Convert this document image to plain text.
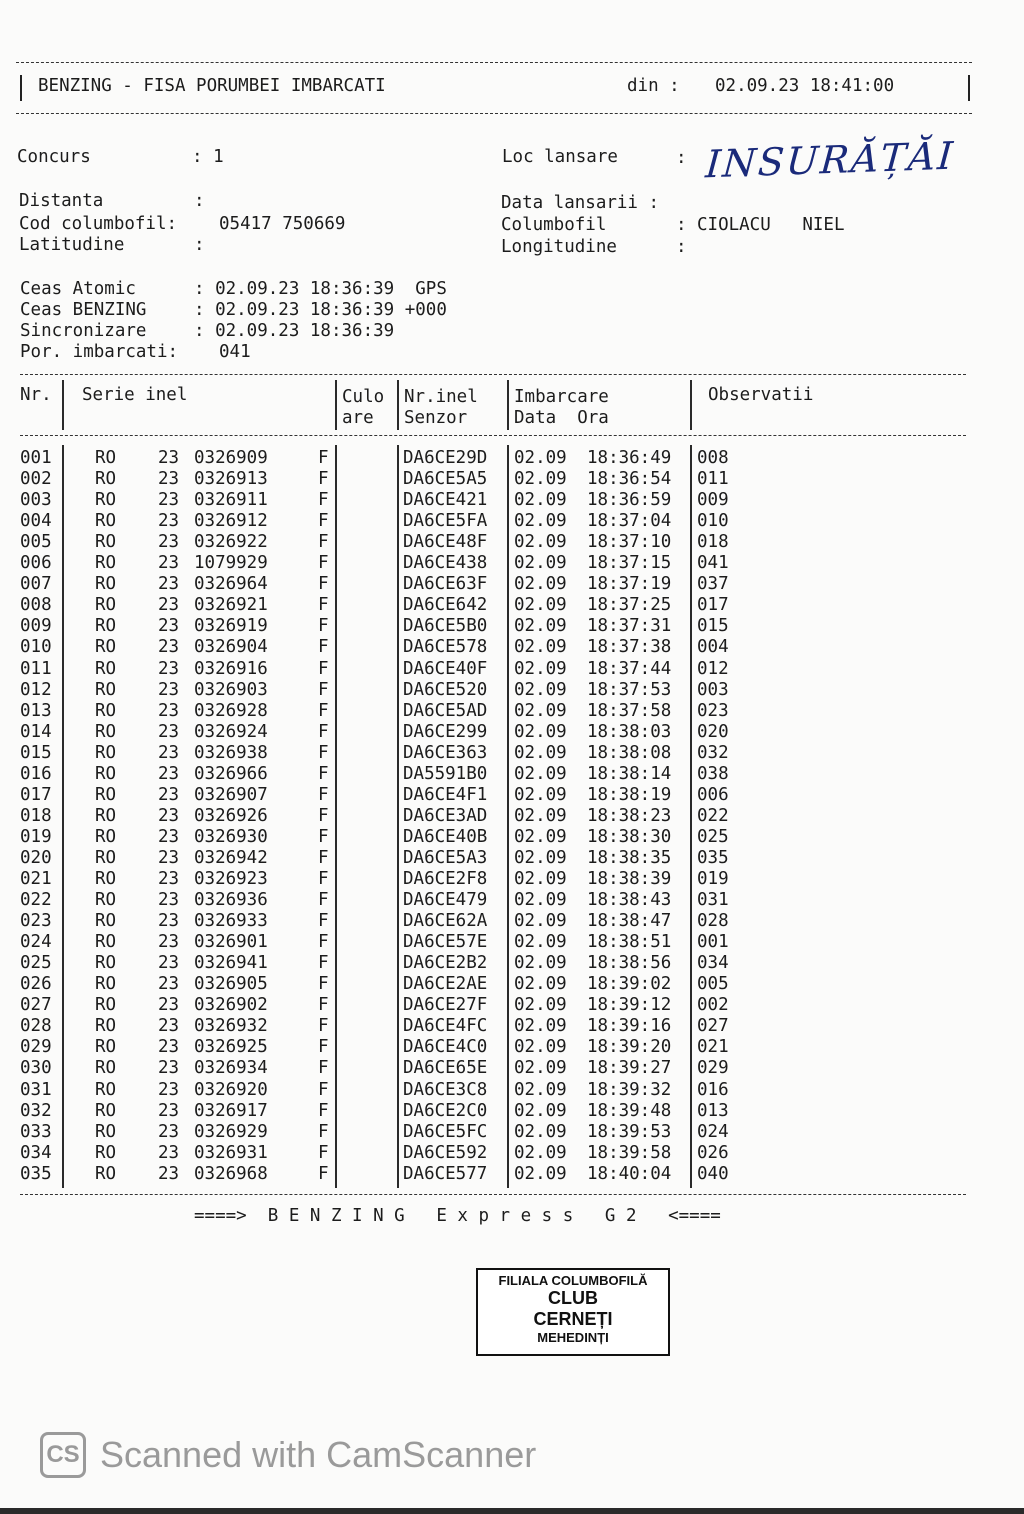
BENZING - FISA PORUMBEI IMBARCATI	din : 02.09.23 18:41:00
Concurs	: 1	Loc lansare	: INSURĂȚĂI
Distanta	:	Data lansarii :
Cod columbofil: 05417 750669	Columbofil	: CIOLACU   NIEL
Latitudine	:	Longitudine	:
Ceas Atomic	: 02.09.23 18:36:39  GPS
Ceas BENZING	: 02.09.23 18:36:39 +000
Sincronizare	: 02.09.23 18:36:39
Por. imbarcati: 041
Nr. Serie inel	Culo
are
Nr.inel
Senzor
Imbarcare
Data  Ora
Observatii
001 RO 23 0326909	F	DA6CE29D 02.09 18:36:49 008
002 RO 23 0326913	F	DA6CE5A5 02.09 18:36:54 011
003 RO 23 0326911	F	DA6CE421 02.09 18:36:59 009
004 RO 23 0326912	F	DA6CE5FA 02.09 18:37:04 010
005 RO 23 0326922	F	DA6CE48F 02.09 18:37:10 018
006 RO 23 1079929	F	DA6CE438 02.09 18:37:15 041
007 RO 23 0326964	F	DA6CE63F 02.09 18:37:19 037
008 RO 23 0326921	F	DA6CE642 02.09 18:37:25 017
009 RO 23 0326919	F	DA6CE5B0 02.09 18:37:31 015
010 RO 23 0326904	F	DA6CE578 02.09 18:37:38 004
011 RO 23 0326916	F	DA6CE40F 02.09 18:37:44 012
012 RO 23 0326903	F	DA6CE520 02.09 18:37:53 003
013 RO 23 0326928	F	DA6CE5AD 02.09 18:37:58 023
014 RO 23 0326924	F	DA6CE299 02.09 18:38:03 020
015 RO 23 0326938	F	DA6CE363 02.09 18:38:08 032
016 RO 23 0326966	F	DA5591B0 02.09 18:38:14 038
017 RO 23 0326907	F	DA6CE4F1 02.09 18:38:19 006
018 RO 23 0326926	F	DA6CE3AD 02.09 18:38:23 022
019 RO 23 0326930	F	DA6CE40B 02.09 18:38:30 025
020 RO 23 0326942	F	DA6CE5A3 02.09 18:38:35 035
021 RO 23 0326923	F	DA6CE2F8 02.09 18:38:39 019
022 RO 23 0326936	F	DA6CE479 02.09 18:38:43 031
023 RO 23 0326933	F	DA6CE62A 02.09 18:38:47 028
024 RO 23 0326901	F	DA6CE57E 02.09 18:38:51 001
025 RO 23 0326941	F	DA6CE2B2 02.09 18:38:56 034
026 RO 23 0326905	F	DA6CE2AE 02.09 18:39:02 005
027 RO 23 0326902	F	DA6CE27F 02.09 18:39:12 002
028 RO 23 0326932	F	DA6CE4FC 02.09 18:39:16 027
029 RO 23 0326925	F	DA6CE4C0 02.09 18:39:20 021
030 RO 23 0326934	F	DA6CE65E 02.09 18:39:27 029
031 RO 23 0326920	F	DA6CE3C8 02.09 18:39:32 016
032 RO 23 0326917	F	DA6CE2C0 02.09 18:39:48 013
033 RO 23 0326929	F	DA6CE5FC 02.09 18:39:53 024
034 RO 23 0326931	F	DA6CE592 02.09 18:39:58 026
035 RO 23 0326968	F	DA6CE577 02.09 18:40:04 040
====>  B E N Z I N G   E x p r e s s   G 2   <====
FILIALA COLUMBOFILĂ
CLUB
CERNEȚI
MEHEDINȚI
CS Scanned with CamScanner
